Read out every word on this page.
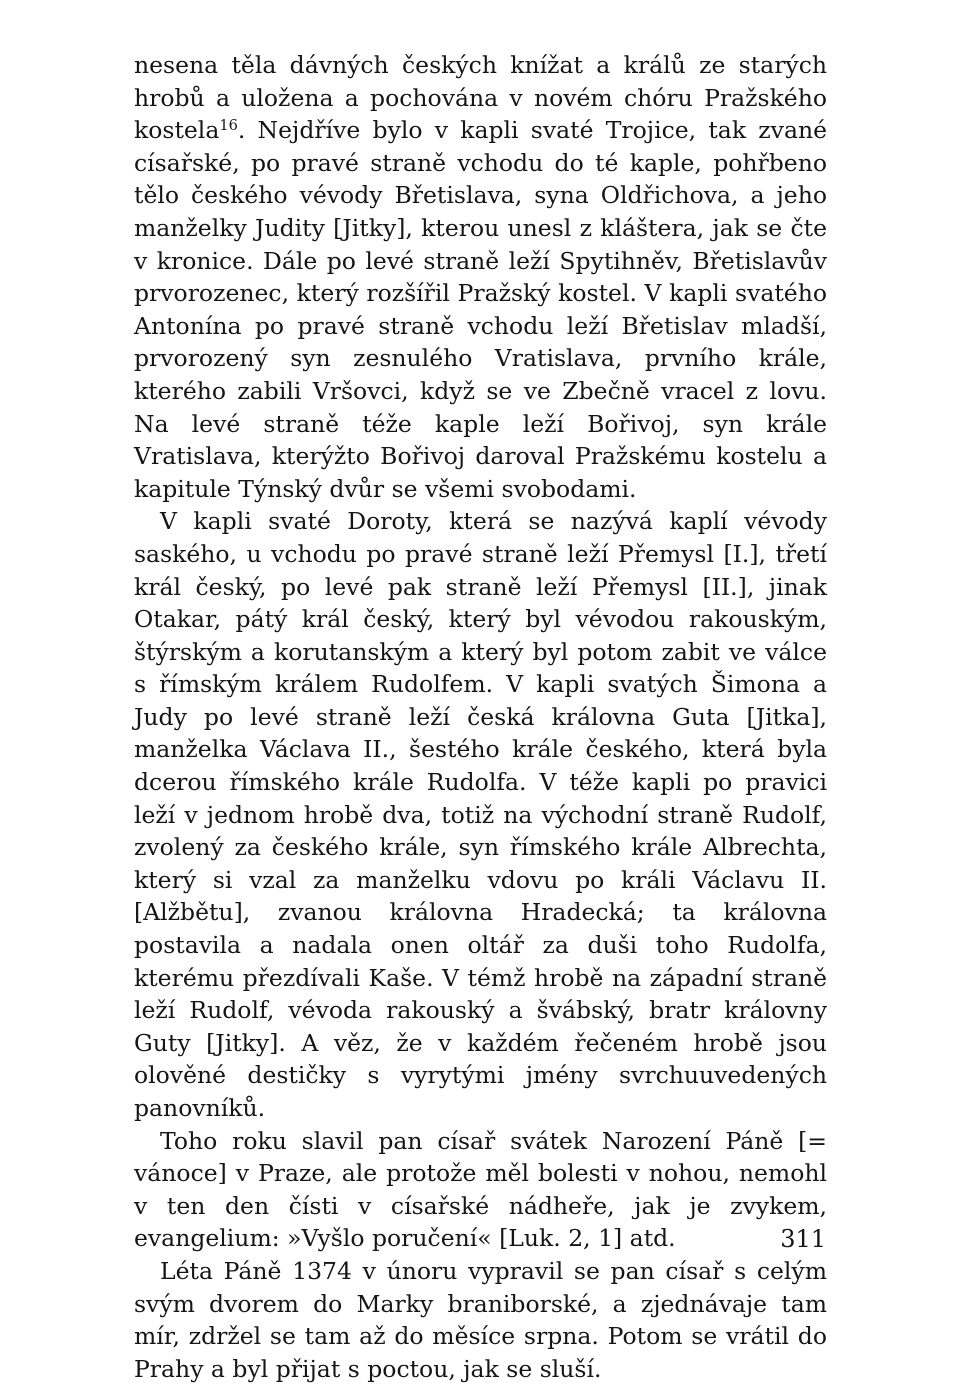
nesena těla dávných českých knížat a králů ze starých hrobů a uložena a pochována v novém chóru Pražského kostela$^{16}$. Nejdříve bylo v kapli svaté Trojice, tak zvané císařské, po pravé straně vchodu do té kaple, pohřbeno tělo českého vévody Břetislava, syna Oldřichova, a jeho manželky Judity [Jitky], kterou unesl z kláštera, jak se čte v kronice. Dále po levé straně leží Spytihněv, Břetislavův prvorozenec, který rozšířil Pražský kostel. V kapli svatého Antonína po pravé straně vchodu leží Břetislav mladší, prvorozený syn zesnulého Vratislava, prvního krále, kterého zabili Vršovci, když se ve Zbečně vracel z lovu. Na levé straně téže kaple leží Bořivoj, syn krále Vratislava, kterýžto Bořivoj daroval Pražskému kostelu a kapitule Týnský dvůr se všemi svobodami.

V kapli svaté Doroty, která se nazývá kaplí vévody saského, u vchodu po pravé straně leží Přemysl [I.], třetí král český, po levé pak straně leží Přemysl [II.], jinak Otakar, pátý král český, který byl vévodou rakouským, štýrským a korutanským a který byl potom zabit ve válce s římským králem Rudolfem. V kapli svatých Šimona a Judy po levé straně leží česká královna Guta [Jitka], manželka Václava II., šestého krále českého, která byla dcerou římského krále Rudolfa. V téže kapli po pravici leží v jednom hrobě dva, totiž na východní straně Rudolf, zvolený za českého krále, syn římského krále Albrechta, který si vzal za manželku vdovu po králi Václavu II. [Alžbětu], zvanou královna Hradecká; ta královna postavila a nadala onen oltář za duši toho Rudolfa, kterému přezdívali Kaše. V témž hrobě na západní straně leží Rudolf, vévoda rakouský a švábský, bratr královny Guty [Jitky]. A věz, že v každém řečeném hrobě jsou olověné destičky s vyrytými jmény svrchuuvedených panovníků.

Toho roku slavil pan císař svátek Narození Páně [= vánoce] v Praze, ale protože měl bolesti v nohou, nemohl v ten den čísti v císařské nádheře, jak je zvykem, evangelium: »Vyšlo poručení« [Luk. 2, 1] atd.

Léta Páně 1374 v únoru vypravil se pan císař s celým svým dvorem do Marky braniborské, a zjednávaje tam mír, zdržel se tam až do měsíce srpna. Potom se vrátil do Prahy a byl přijat s poctou, jak se sluší.

311
